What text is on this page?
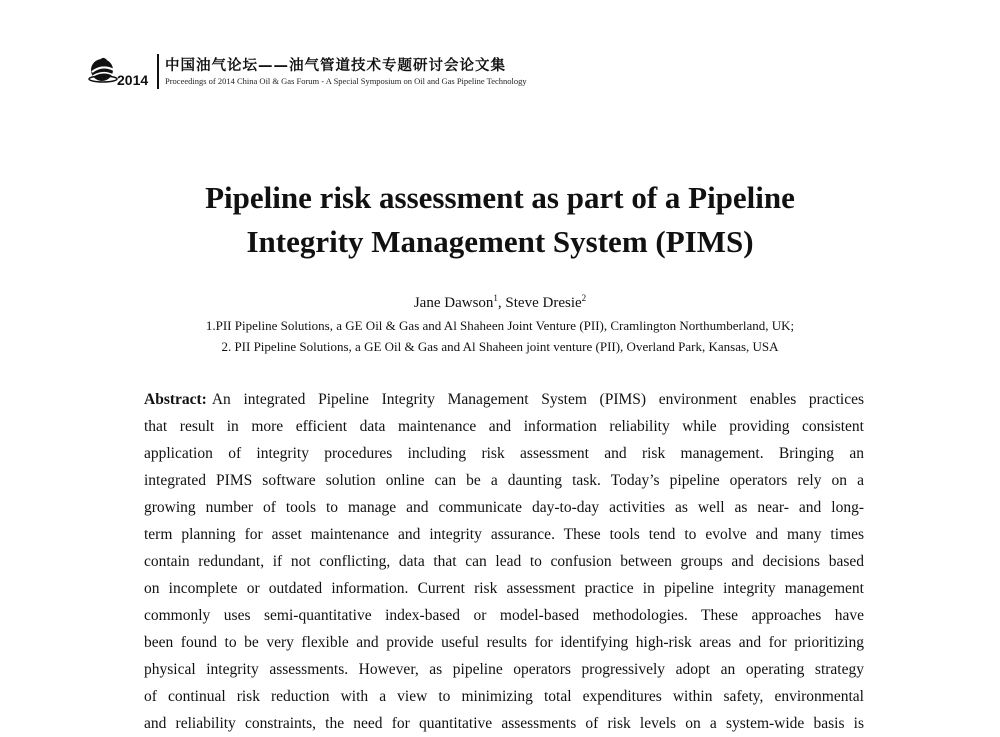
2014
中国油气论坛——油气管道技术专题研讨会论文集
Proceedings of 2014 China Oil & Gas Forum - A Special Symposium on Oil and Gas Pipeline Technology
Pipeline risk assessment as part of a Pipeline
Integrity Management System (PIMS)
Jane Dawson$^1$, Steve Dresie$^2$
1.PII Pipeline Solutions, a GE Oil & Gas and Al Shaheen Joint Venture (PII), Cramlington Northumberland, UK;
2. PII Pipeline Solutions, a GE Oil & Gas and Al Shaheen joint venture (PII), Overland Park, Kansas, USA
Abstract: An integrated Pipeline Integrity Management System (PIMS) environment enables practices
that result in more efficient data maintenance and information reliability while providing consistent
application of integrity procedures including risk assessment and risk management. Bringing an
integrated PIMS software solution online can be a daunting task. Today’s pipeline operators rely on a
growing number of tools to manage and communicate day-to-day activities as well as near- and long-
term planning for asset maintenance and integrity assurance. These tools tend to evolve and many times
contain redundant, if not conflicting, data that can lead to confusion between groups and decisions based
on incomplete or outdated information. Current risk assessment practice in pipeline integrity management
commonly uses semi-quantitative index-based or model-based methodologies. These approaches have
been found to be very flexible and provide useful results for identifying high-risk areas and for prioritizing
physical integrity assessments. However, as pipeline operators progressively adopt an operating strategy
of continual risk reduction with a view to minimizing total expenditures within safety, environmental
and reliability constraints, the need for quantitative assessments of risk levels on a system-wide basis is
